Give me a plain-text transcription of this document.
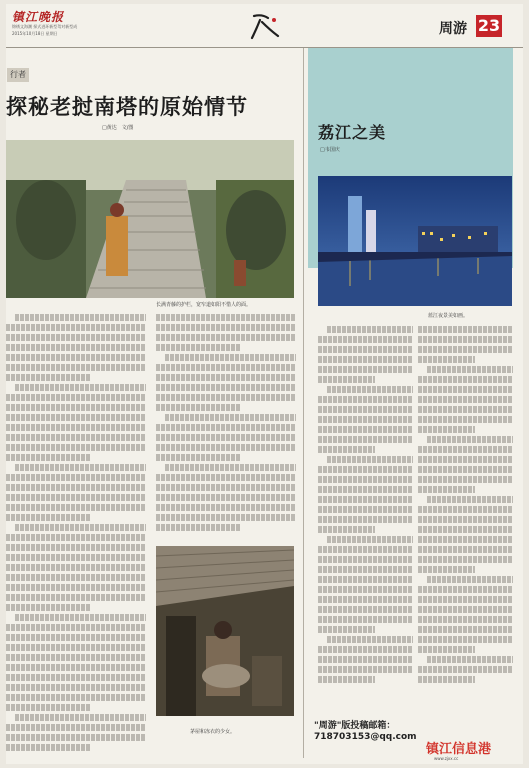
镇江晚报
锦绣文海潮 探式进环新型驾对新型成
2015年10月18日 星期日	周游 23
行者
探秘老挝南塔的原始情节
□黄达　文/图
长满青藤的护栏，宽窄道如阳不惜人的面。
茅屋和冻衣的少女。
荔江之美
□韦国庆
蓝江夜景美如画。
"周游"版投稿邮箱：
718703153@qq.com
镇江信息港
www.zjxx.cc
